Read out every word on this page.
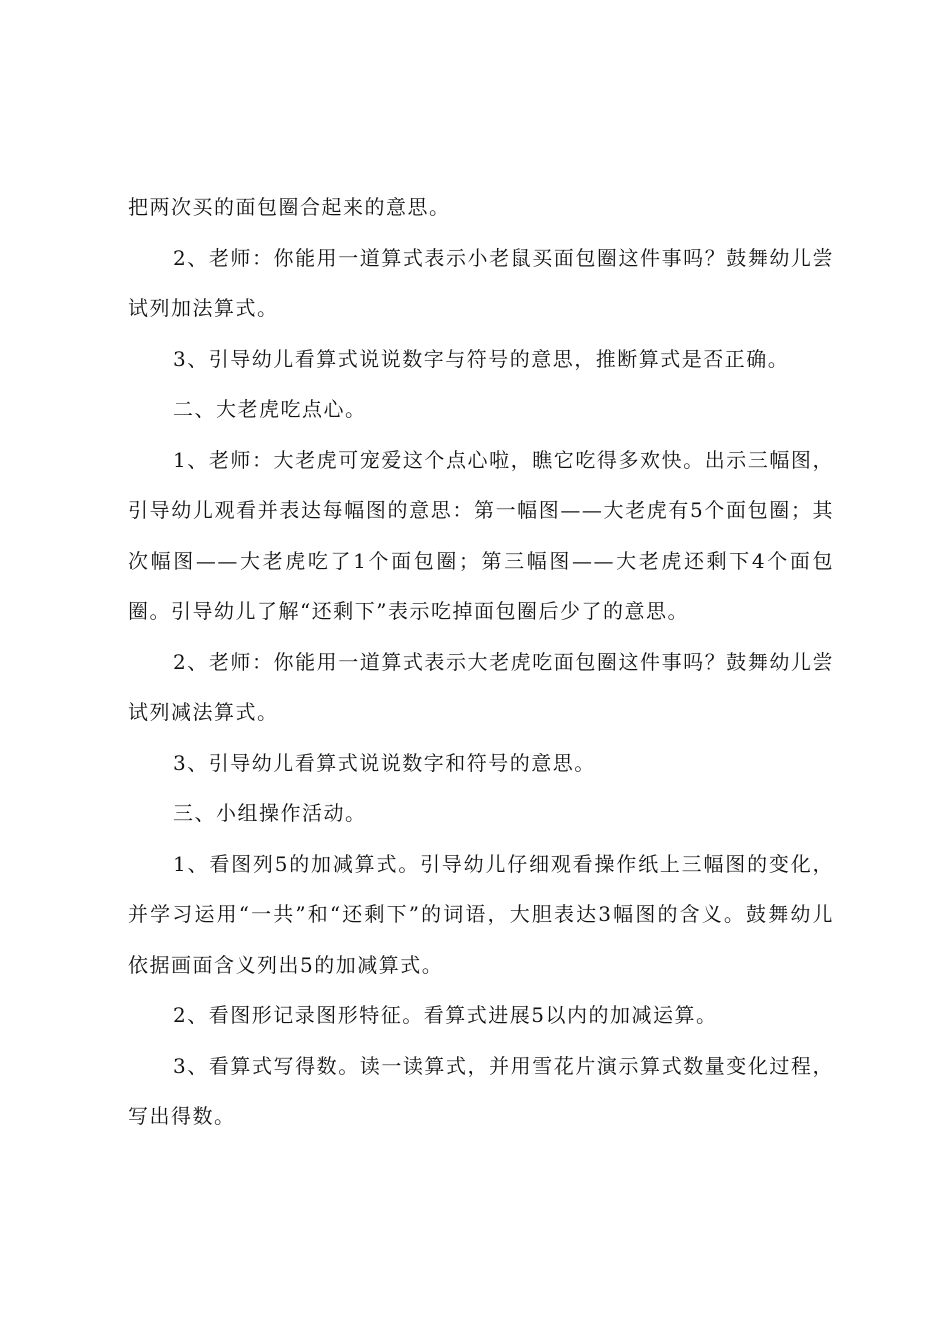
把两次买的面包圈合起来的意思。

2、老师：你能用一道算式表示小老鼠买面包圈这件事吗？鼓舞幼儿尝试列加法算式。

3、引导幼儿看算式说说数字与符号的意思，推断算式是否正确。

二、大老虎吃点心。

1、老师：大老虎可宠爱这个点心啦，瞧它吃得多欢快。出示三幅图，引导幼儿观看并表达每幅图的意思：第一幅图——大老虎有5个面包圈；其次幅图——大老虎吃了1个面包圈；第三幅图——大老虎还剩下4个面包圈。引导幼儿了解“还剩下”表示吃掉面包圈后少了的意思。

2、老师：你能用一道算式表示大老虎吃面包圈这件事吗？鼓舞幼儿尝试列减法算式。

3、引导幼儿看算式说说数字和符号的意思。

三、小组操作活动。

1、看图列5的加减算式。引导幼儿仔细观看操作纸上三幅图的变化，并学习运用“一共”和“还剩下”的词语，大胆表达3幅图的含义。鼓舞幼儿依据画面含义列出5的加减算式。

2、看图形记录图形特征。看算式进展5以内的加减运算。

3、看算式写得数。读一读算式，并用雪花片演示算式数量变化过程，写出得数。
